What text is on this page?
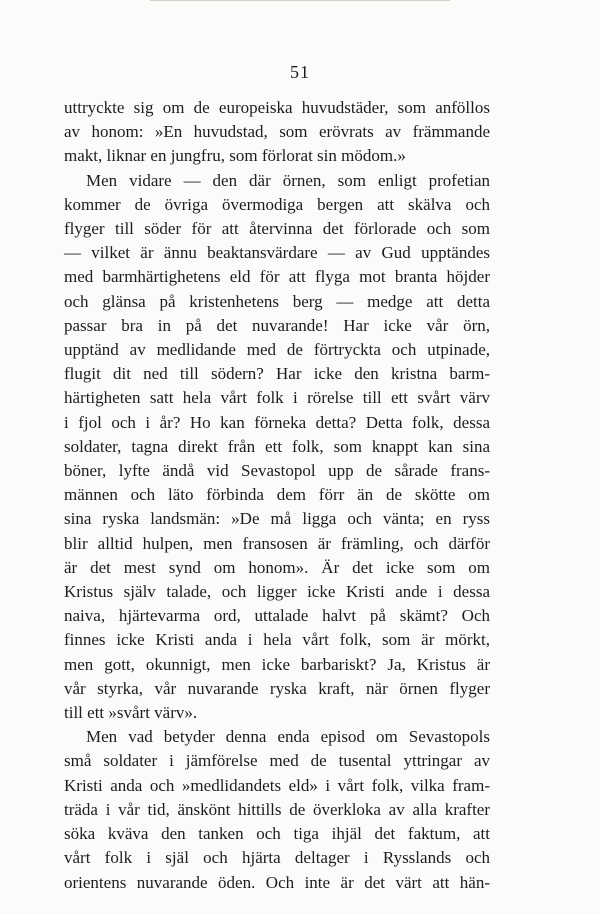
51
uttryckte sig om de europeiska huvudstäder, som anföllos
av honom: »En huvudstad, som erövrats av främmande
makt, liknar en jungfru, som förlorat sin mödom.»
Men vidare — den där örnen, som enligt profetian
kommer de övriga övermodiga bergen att skälva och
flyger till söder för att återvinna det förlorade och som
— vilket är ännu beaktansvärdare — av Gud upptändes
med barmhärtighetens eld för att flyga mot branta höjder
och glänsa på kristenhetens berg — medge att detta
passar bra in på det nuvarande! Har icke vår örn,
upptänd av medlidande med de förtryckta och utpinade,
flugit dit ned till södern? Har icke den kristna barm-
härtigheten satt hela vårt folk i rörelse till ett svårt värv
i fjol och i år? Ho kan förneka detta? Detta folk, dessa
soldater, tagna direkt från ett folk, som knappt kan sina
böner, lyfte ändå vid Sevastopol upp de sårade frans-
männen och läto förbinda dem förr än de skötte om
sina ryska landsmän: »De må ligga och vänta; en ryss
blir alltid hulpen, men fransosen är främling, och därför
är det mest synd om honom». Är det icke som om
Kristus själv talade, och ligger icke Kristi ande i dessa
naiva, hjärtevarma ord, uttalade halvt på skämt? Och
finnes icke Kristi anda i hela vårt folk, som är mörkt,
men gott, okunnigt, men icke barbariskt? Ja, Kristus är
vår styrka, vår nuvarande ryska kraft, när örnen flyger
till ett »svårt värv».
Men vad betyder denna enda episod om Sevastopols
små soldater i jämförelse med de tusental yttringar av
Kristi anda och »medlidandets eld» i vårt folk, vilka fram-
träda i vår tid, änskönt hittills de överkloka av alla krafter
söka kväva den tanken och tiga ihjäl det faktum, att
vårt folk i själ och hjärta deltager i Rysslands och
orientens nuvarande öden. Och inte är det värt att hän-
